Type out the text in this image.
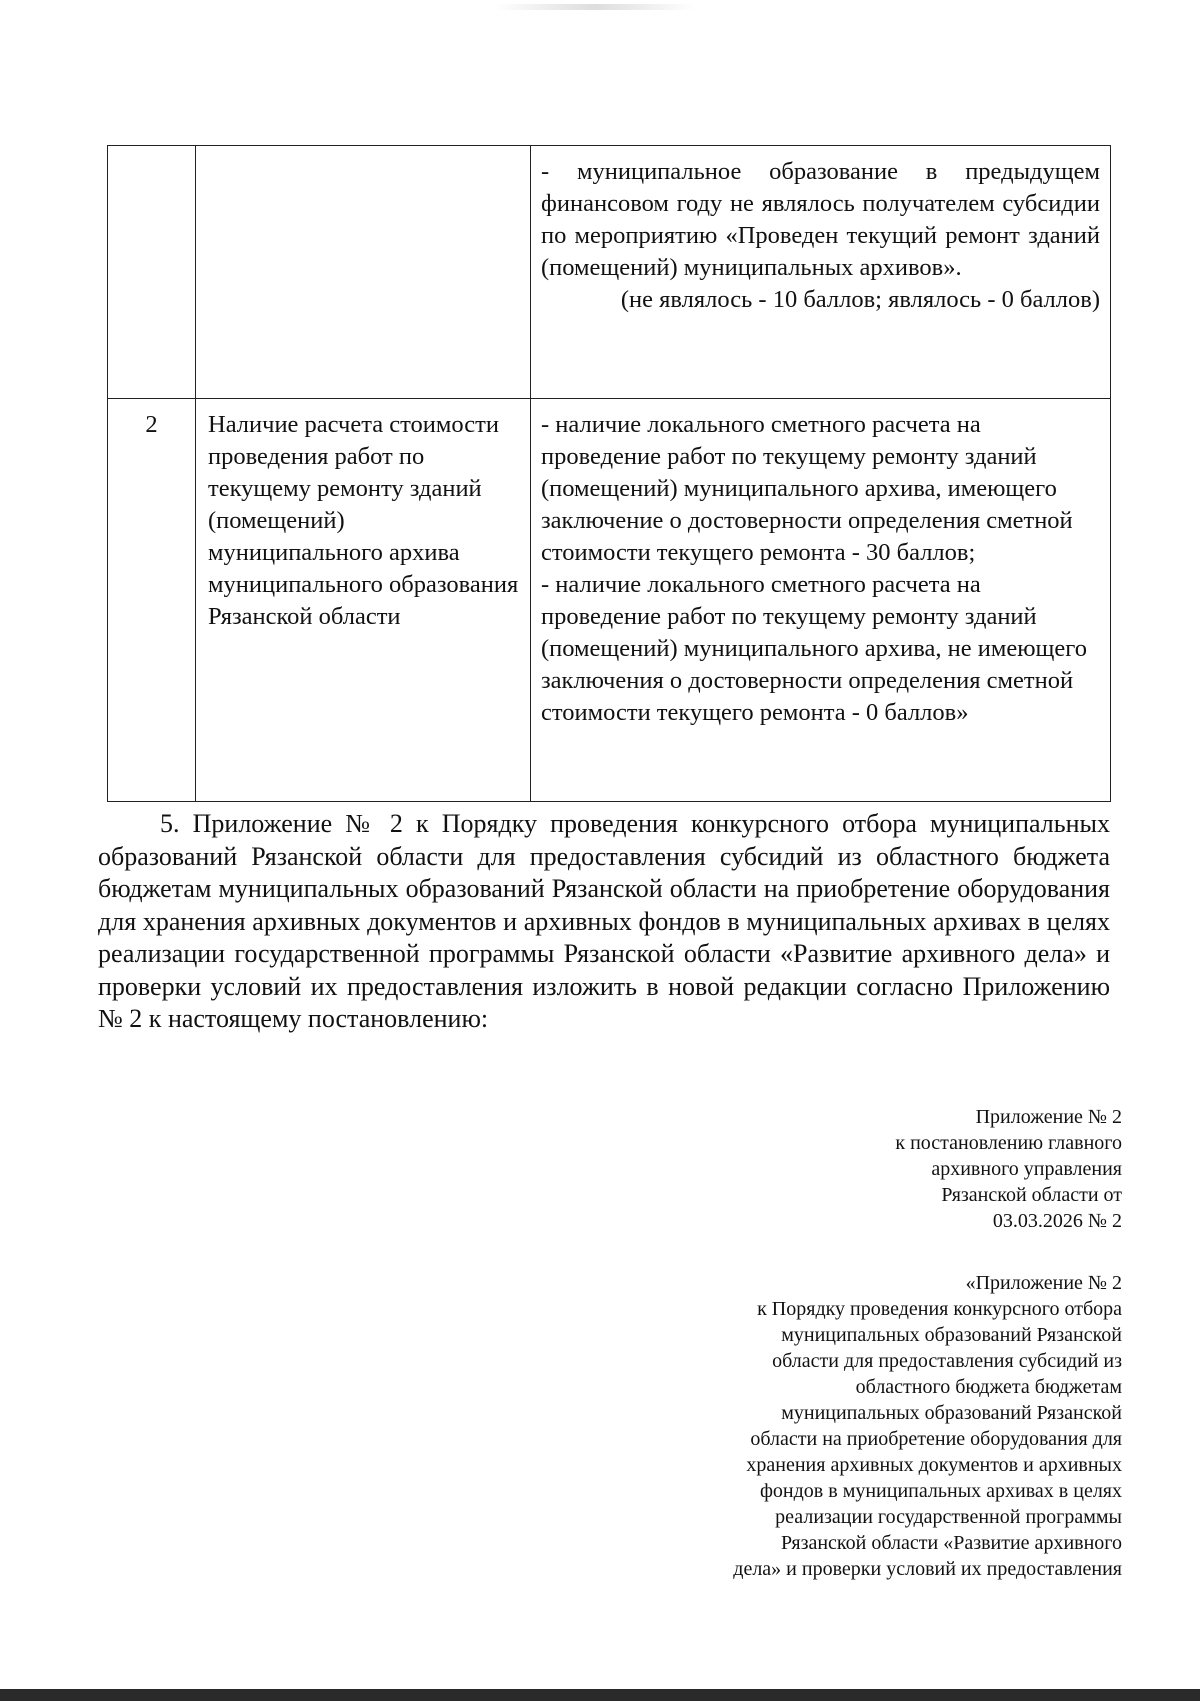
		- муниципальное образование в предыдущем финансовом году не являлось получателем субсидии по мероприятию «Проведен текущий ремонт зданий (помещений) муниципальных архивов».
(не являлось - 10 баллов; являлось - 0 баллов)

2	Наличие расчета стоимости проведения работ по текущему ремонту зданий (помещений) муниципального архива муниципального образования Рязанской области	- наличие локального сметного расчета на проведение работ по текущему ремонту зданий (помещений) муниципального архива, имеющего заключение о достоверности определения сметной стоимости текущего ремонта - 30 баллов;
- наличие локального сметного расчета на проведение работ по текущему ремонту зданий (помещений) муниципального архива, не имеющего заключения о достоверности определения сметной стоимости текущего ремонта - 0 баллов»

5. Приложение № 2 к Порядку проведения конкурсного отбора муниципальных образований Рязанской области для предоставления субсидий из областного бюджета бюджетам муниципальных образований Рязанской области на приобретение оборудования для хранения архивных документов и архивных фондов в муниципальных архивах в целях реализации государственной программы Рязанской области «Развитие архивного дела» и проверки условий их предоставления изложить в новой редакции согласно Приложению № 2 к настоящему постановлению:

Приложение № 2
к постановлению главного
архивного управления
Рязанской области от
03.03.2026 № 2
«Приложение № 2
к Порядку проведения конкурсного отбора
муниципальных образований Рязанской
области для предоставления субсидий из
областного бюджета бюджетам
муниципальных образований Рязанской
области на приобретение оборудования для
хранения архивных документов и архивных
фондов в муниципальных архивах в целях
реализации государственной программы
Рязанской области «Развитие архивного
дела» и проверки условий их предоставления
